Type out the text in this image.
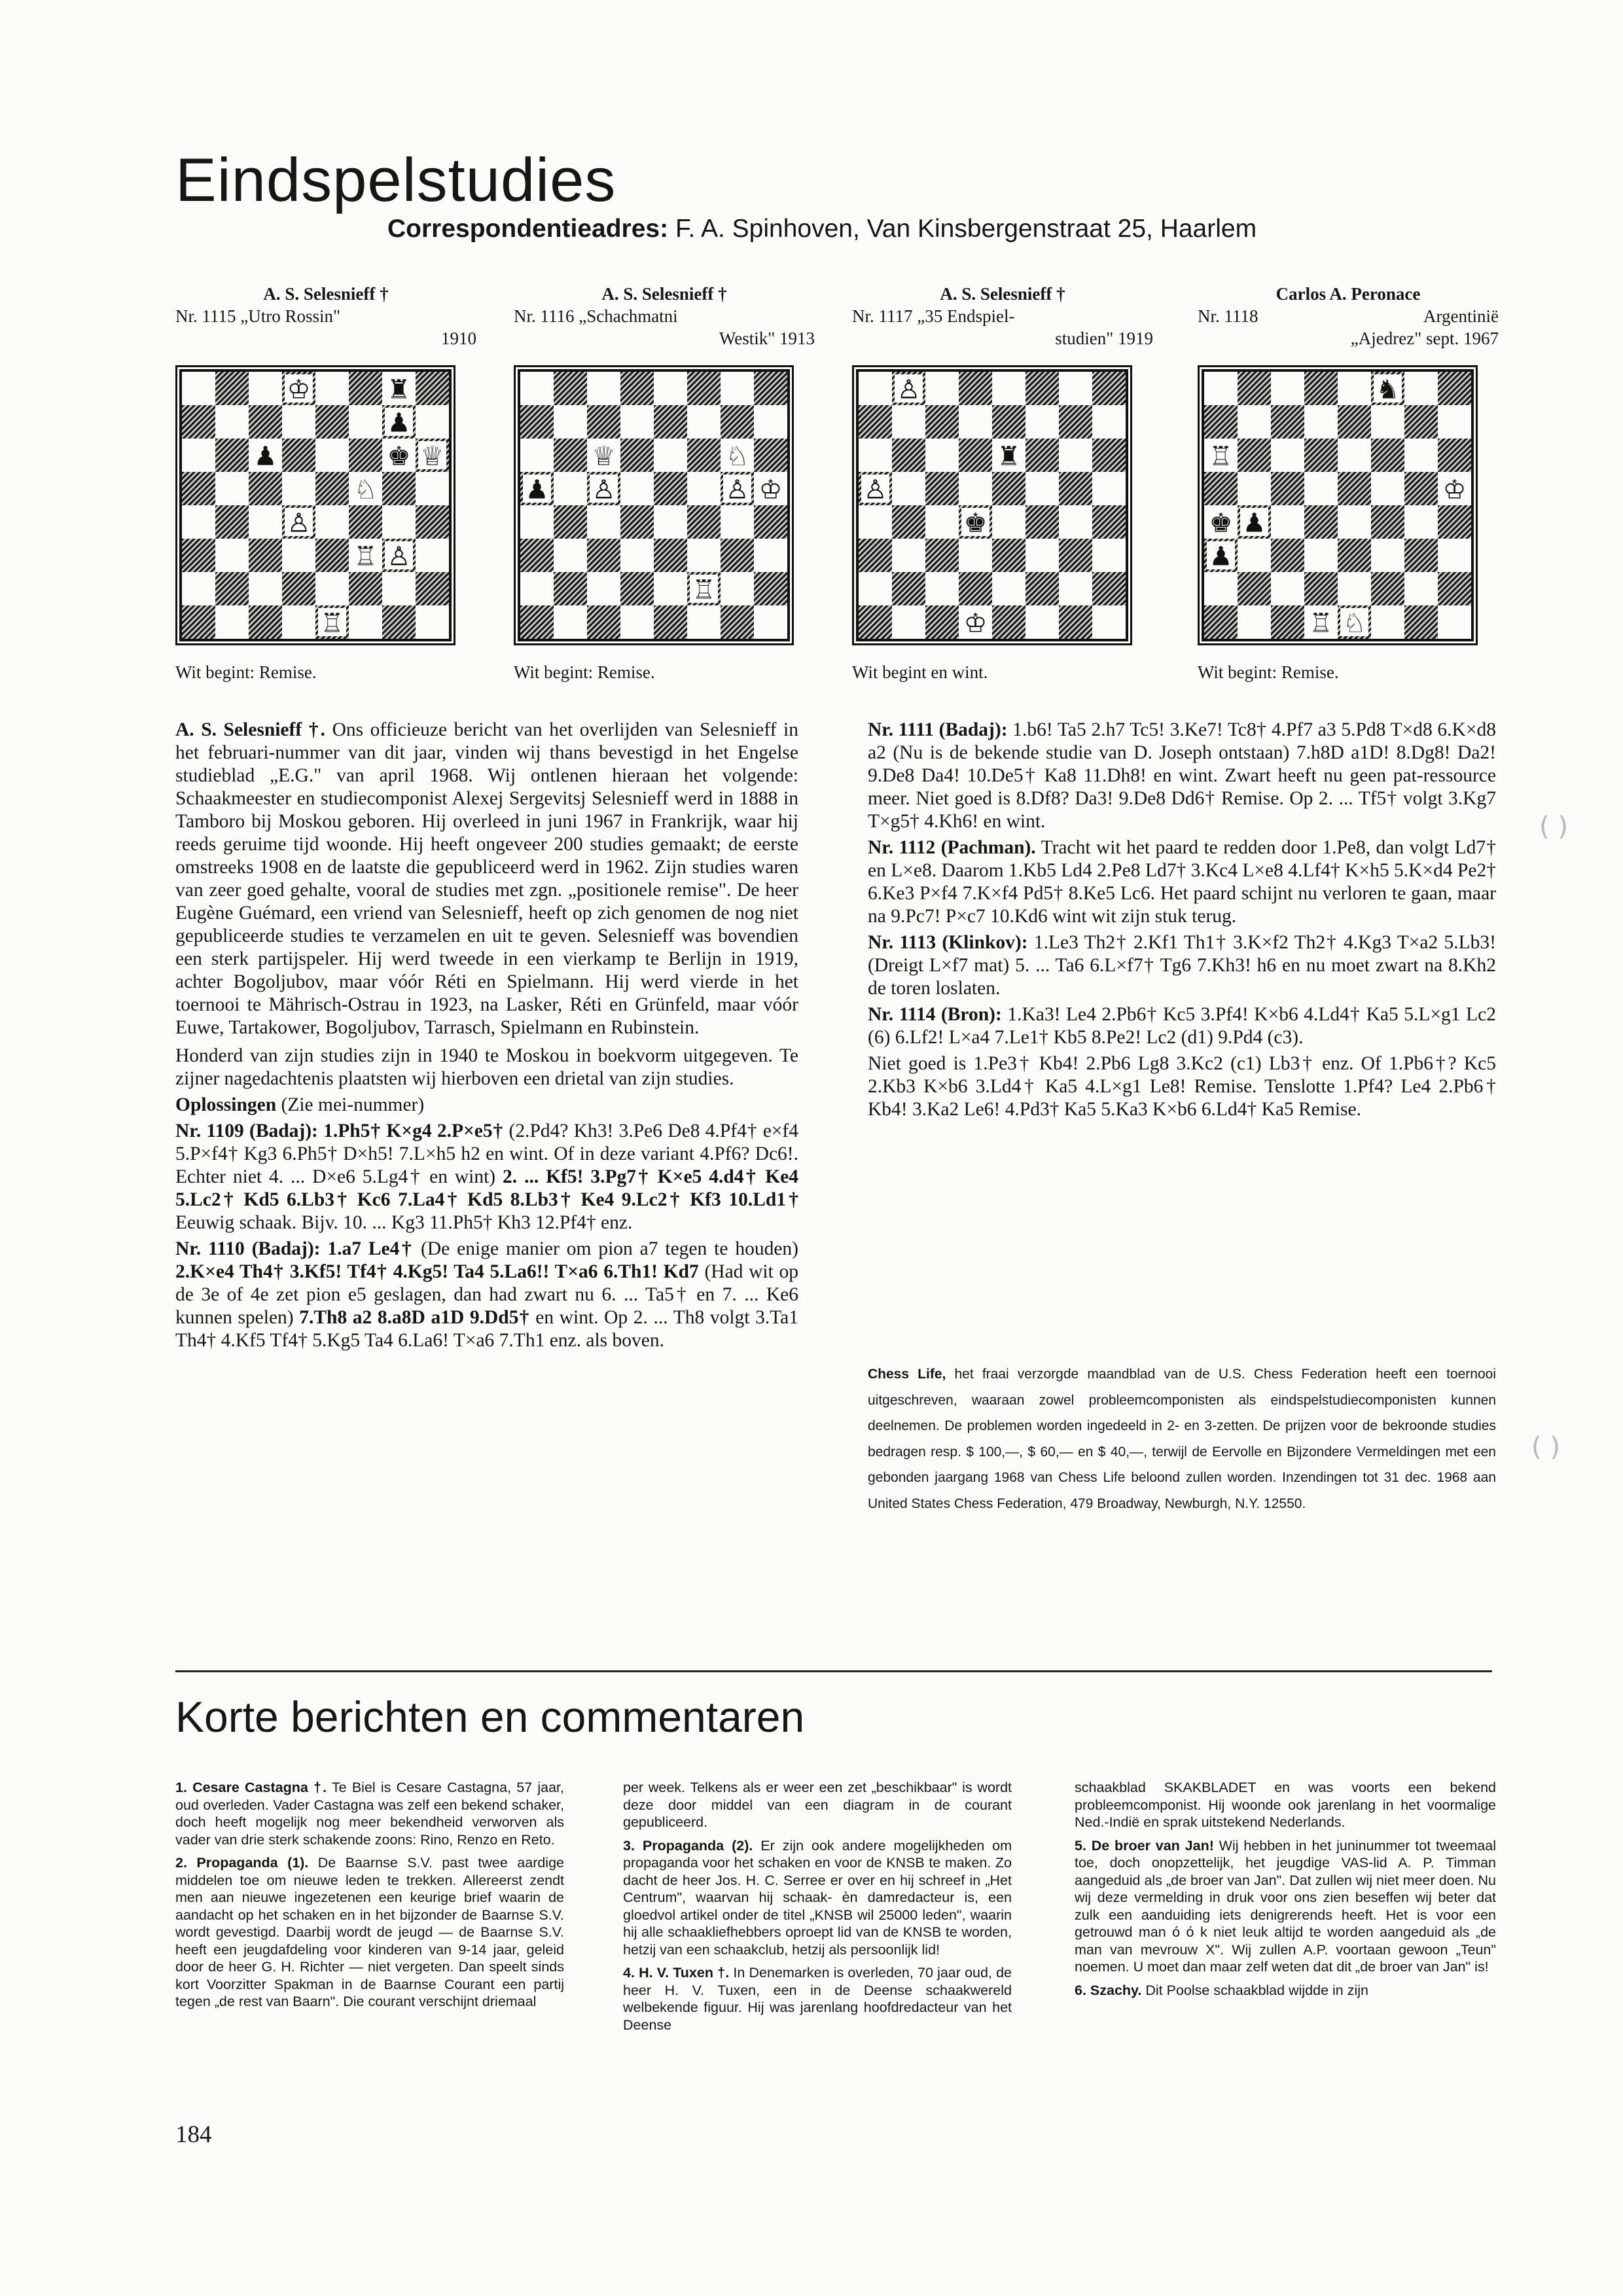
Eindspelstudies
Correspondentieadres: F. A. Spinhoven, Van Kinsbergenstraat 25, Haarlem
A. S. Selesnieff †
Nr. 1115 „Utro Rossin"
1910
A. S. Selesnieff †
Nr. 1116 „Schachmatni
Westik" 1913
A. S. Selesnieff †
Nr. 1117 „35 Endspiel-
studien" 1919
Carlos A. Peronace
Nr. 1118	Argentinië
„Ajedrez" sept. 1967
♔	♜
♟
♟	♚ ♕
♘
♙
♖ ♙
♖
♕	♘
♟ ♙	♙ ♔
♖
♙
♜
♙
♚
♔
♞
♖
♔
♚ ♟
♟
♖ ♘
Wit begint: Remise.	Wit begint: Remise.	Wit begint en wint.	Wit begint: Remise.

A. S. Selesnieff †. Ons officieuze bericht van het overlijden van Selesnieff in het februari-nummer van dit jaar, vinden wij thans bevestigd in het Engelse studieblad „E.G." van april 1968. Wij ontlenen hieraan het volgende: Schaakmeester en studiecomponist Alexej Sergevitsj Selesnieff werd in 1888 in Tamboro bij Moskou geboren. Hij overleed in juni 1967 in Frankrijk, waar hij reeds geruime tijd woonde. Hij heeft ongeveer 200 studies gemaakt; de eerste omstreeks 1908 en de laatste die gepubliceerd werd in 1962. Zijn studies waren van zeer goed gehalte, vooral de studies met zgn. „positionele remise". De heer Eugène Guémard, een vriend van Selesnieff, heeft op zich genomen de nog niet gepubliceerde studies te verzamelen en uit te geven. Selesnieff was bovendien een sterk partijspeler. Hij werd tweede in een vierkamp te Berlijn in 1919, achter Bogoljubov, maar vóór Réti en Spielmann. Hij werd vierde in het toernooi te Mährisch-Ostrau in 1923, na Lasker, Réti en Grünfeld, maar vóór Euwe, Tartakower, Bogoljubov, Tarrasch, Spielmann en Rubinstein.

Honderd van zijn studies zijn in 1940 te Moskou in boekvorm uitgegeven. Te zijner nagedachtenis plaatsten wij hierboven een drietal van zijn studies.

Oplossingen (Zie mei-nummer)

Nr. 1109 (Badaj): 1.Ph5† K×g4 2.P×e5† (2.Pd4? Kh3! 3.Pe6 De8 4.Pf4† e×f4 5.P×f4† Kg3 6.Ph5† D×h5! 7.L×h5 h2 en wint. Of in deze variant 4.Pf6? Dc6!. Echter niet 4. ... D×e6 5.Lg4† en wint) 2. ... Kf5! 3.Pg7† K×e5 4.d4† Ke4 5.Lc2† Kd5 6.Lb3† Kc6 7.La4† Kd5 8.Lb3† Ke4 9.Lc2† Kf3 10.Ld1† Eeuwig schaak. Bijv. 10. ... Kg3 11.Ph5† Kh3 12.Pf4† enz.

Nr. 1110 (Badaj): 1.a7 Le4† (De enige manier om pion a7 tegen te houden) 2.K×e4 Th4† 3.Kf5! Tf4† 4.Kg5! Ta4 5.La6!! T×a6 6.Th1! Kd7 (Had wit op de 3e of 4e zet pion e5 geslagen, dan had zwart nu 6. ... Ta5† en 7. ... Ke6 kunnen spelen) 7.Th8 a2 8.a8D a1D 9.Dd5† en wint. Op 2. ... Th8 volgt 3.Ta1 Th4† 4.Kf5 Tf4† 5.Kg5 Ta4 6.La6! T×a6 7.Th1 enz. als boven.

Nr. 1111 (Badaj): 1.b6! Ta5 2.h7 Tc5! 3.Ke7! Tc8† 4.Pf7 a3 5.Pd8 T×d8 6.K×d8 a2 (Nu is de bekende studie van D. Joseph ontstaan) 7.h8D a1D! 8.Dg8! Da2! 9.De8 Da4! 10.De5† Ka8 11.Dh8! en wint. Zwart heeft nu geen pat-ressource meer. Niet goed is 8.Df8? Da3! 9.De8 Dd6† Remise. Op 2. ... Tf5† volgt 3.Kg7 T×g5† 4.Kh6! en wint.

Nr. 1112 (Pachman). Tracht wit het paard te redden door 1.Pe8, dan volgt Ld7† en L×e8. Daarom 1.Kb5 Ld4 2.Pe8 Ld7† 3.Kc4 L×e8 4.Lf4† K×h5 5.K×d4 Pe2† 6.Ke3 P×f4 7.K×f4 Pd5† 8.Ke5 Lc6. Het paard schijnt nu verloren te gaan, maar na 9.Pc7! P×c7 10.Kd6 wint wit zijn stuk terug.

Nr. 1113 (Klinkov): 1.Le3 Th2† 2.Kf1 Th1† 3.K×f2 Th2† 4.Kg3 T×a2 5.Lb3! (Dreigt L×f7 mat) 5. ... Ta6 6.L×f7† Tg6 7.Kh3! h6 en nu moet zwart na 8.Kh2 de toren loslaten.

Nr. 1114 (Bron): 1.Ka3! Le4 2.Pb6† Kc5 3.Pf4! K×b6 4.Ld4† Ka5 5.L×g1 Lc2 (6) 6.Lf2! L×a4 7.Le1† Kb5 8.Pe2! Lc2 (d1) 9.Pd4 (c3).

Niet goed is 1.Pe3† Kb4! 2.Pb6 Lg8 3.Kc2 (c1) Lb3† enz. Of 1.Pb6†? Kc5 2.Kb3 K×b6 3.Ld4† Ka5 4.L×g1 Le8! Remise. Tenslotte 1.Pf4? Le4 2.Pb6† Kb4! 3.Ka2 Le6! 4.Pd3† Ka5 5.Ka3 K×b6 6.Ld4† Ka5 Remise.

Chess Life, het fraai verzorgde maandblad van de U.S. Chess Federation heeft een toernooi uitgeschreven, waaraan zowel probleemcomponisten als eindspelstudiecomponisten kunnen deelnemen. De problemen worden ingedeeld in 2- en 3-zetten. De prijzen voor de bekroonde studies bedragen resp. $ 100,—, $ 60,— en $ 40,—, terwijl de Eervolle en Bijzondere Vermeldingen met een gebonden jaargang 1968 van Chess Life beloond zullen worden. Inzendingen tot 31 dec. 1968 aan United States Chess Federation, 479 Broadway, Newburgh, N.Y. 12550.
( )
( )
Korte berichten en commentaren

1. Cesare Castagna †. Te Biel is Cesare Castagna, 57 jaar, oud overleden. Vader Castagna was zelf een bekend schaker, doch heeft mogelijk nog meer bekendheid verworven als vader van drie sterk schakende zoons: Rino, Renzo en Reto.

2. Propaganda (1). De Baarnse S.V. past twee aardige middelen toe om nieuwe leden te trekken. Allereerst zendt men aan nieuwe ingezetenen een keurige brief waarin de aandacht op het schaken en in het bijzonder de Baarnse S.V. wordt gevestigd. Daarbij wordt de jeugd — de Baarnse S.V. heeft een jeugdafdeling voor kinderen van 9-14 jaar, geleid door de heer G. H. Richter — niet vergeten. Dan speelt sinds kort Voorzitter Spakman in de Baarnse Courant een partij tegen „de rest van Baarn". Die courant verschijnt driemaal

per week. Telkens als er weer een zet „beschikbaar" is wordt deze door middel van een diagram in de courant gepubliceerd.

3. Propaganda (2). Er zijn ook andere mogelijkheden om propaganda voor het schaken en voor de KNSB te maken. Zo dacht de heer Jos. H. C. Serree er over en hij schreef in „Het Centrum", waarvan hij schaak- èn damredacteur is, een gloedvol artikel onder de titel „KNSB wil 25000 leden", waarin hij alle schaakliefhebbers oproept lid van de KNSB te worden, hetzij van een schaakclub, hetzij als persoonlijk lid!

4. H. V. Tuxen †. In Denemarken is overleden, 70 jaar oud, de heer H. V. Tuxen, een in de Deense schaakwereld welbekende figuur. Hij was jarenlang hoofdredacteur van het Deense

schaakblad SKAKBLADET en was voorts een bekend probleemcomponist. Hij woonde ook jarenlang in het voormalige Ned.-Indië en sprak uitstekend Nederlands.

5. De broer van Jan! Wij hebben in het juninummer tot tweemaal toe, doch onopzettelijk, het jeugdige VAS-lid A. P. Timman aangeduid als „de broer van Jan". Dat zullen wij niet meer doen. Nu wij deze vermelding in druk voor ons zien beseffen wij beter dat zulk een aanduiding iets denigrerends heeft. Het is voor een getrouwd man ó ó k niet leuk altijd te worden aangeduid als „de man van mevrouw X". Wij zullen A.P. voortaan gewoon „Teun" noemen. U moet dan maar zelf weten dat dit „de broer van Jan" is!

6. Szachy. Dit Poolse schaakblad wijdde in zijn

184
